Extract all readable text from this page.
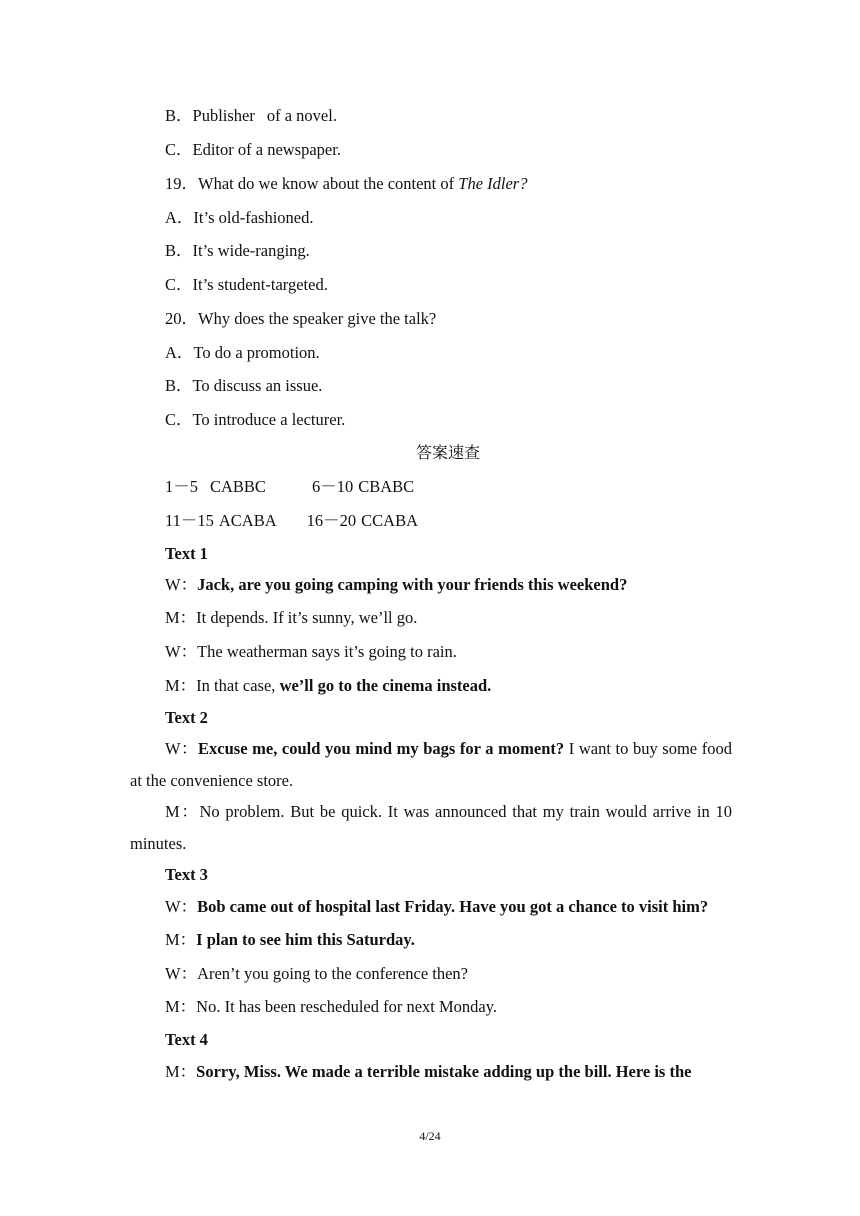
B．Publisher of a novel.

C．Editor of a newspaper.

19．What do we know about the content of The Idler?

A．It’s old-fashioned.

B．It’s wide-ranging.

C．It’s student-targeted.

20．Why does the speaker give the talk?

A．To do a promotion.

B．To discuss an issue.

C．To introduce a lecturer.

答案速查

1－5 CABBC	6－10 CBABC

11－15 ACABA 16－20 CCABA

Text 1

W：Jack, are you going camping with your friends this weekend?

M：It depends. If it’s sunny, we’ll go.

W：The weatherman says it’s going to rain.

M：In that case, we’ll go to the cinema instead.

Text 2

W：Excuse me, could you mind my bags for a moment? I want to buy some food at the convenience store.

M：No problem. But be quick. It was announced that my train would arrive in 10 minutes.

Text 3

W：Bob came out of hospital last Friday. Have you got a chance to visit him?

M：I plan to see him this Saturday.

W：Aren’t you going to the conference then?

M：No. It has been rescheduled for next Monday.

Text 4

M：Sorry, Miss. We made a terrible mistake adding up the bill. Here is the

4/24
